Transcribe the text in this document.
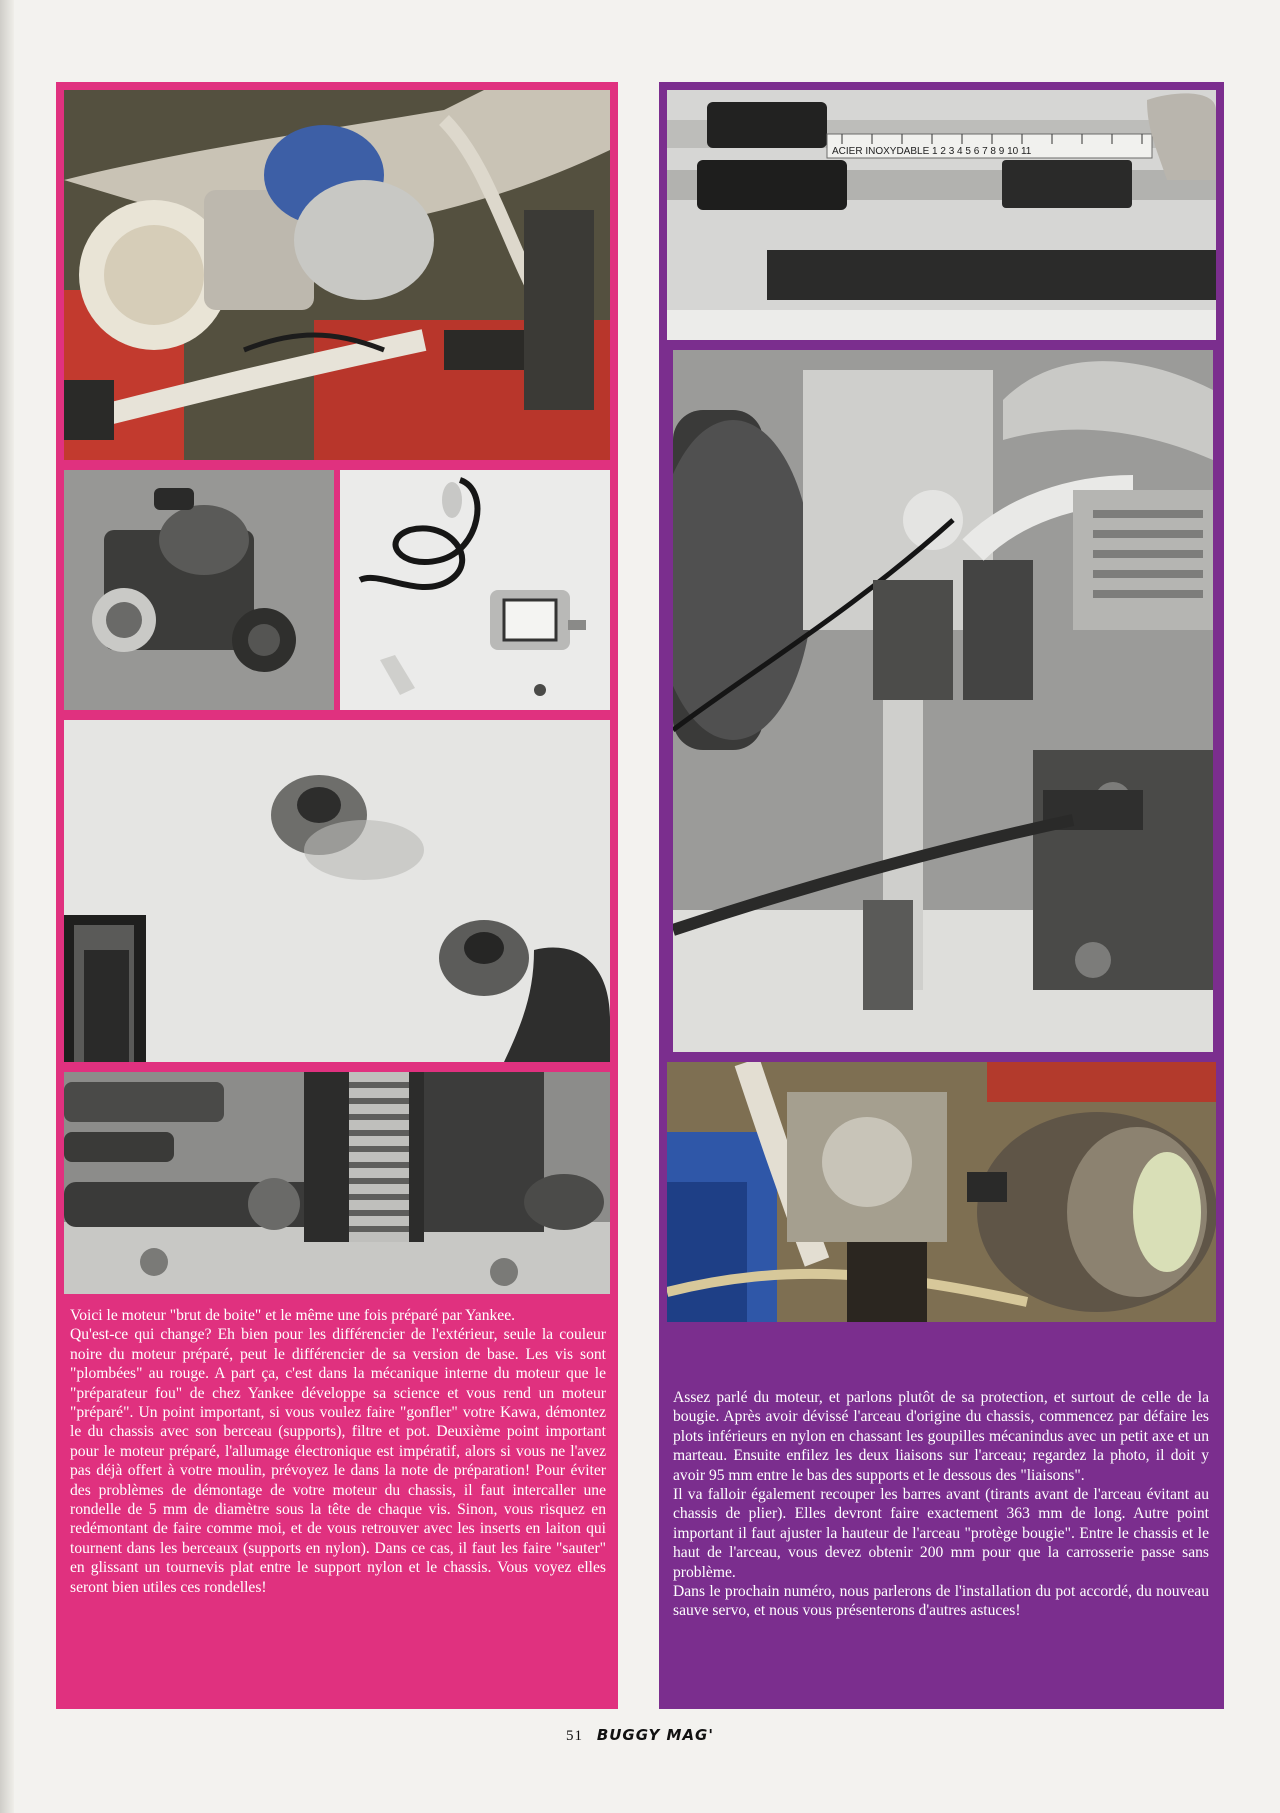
Voici le moteur "brut de boite" et le même une fois préparé par Yankee.

Qu'est-ce qui change? Eh bien pour les différencier de l'extérieur, seule la couleur noire du moteur préparé, peut le différencier de sa version de base. Les vis sont "plombées" au rouge. A part ça, c'est dans la mécanique interne du moteur que le "préparateur fou" de chez Yankee développe sa science et vous rend un moteur "préparé". Un point important, si vous voulez faire "gonfler" votre Kawa, démontez le du chassis avec son berceau (supports), filtre et pot. Deuxième point important pour le moteur préparé, l'allumage électronique est impératif, alors si vous ne l'avez pas déjà offert à votre moulin, prévoyez le dans la note de préparation! Pour éviter des problèmes de démontage de votre moteur du chassis, il faut intercaller une rondelle de 5 mm de diamètre sous la tête de chaque vis. Sinon, vous risquez en redémontant de faire comme moi, et de vous retrouver avec les inserts en laiton qui tournent dans les berceaux (supports en nylon). Dans ce cas, il faut les faire "sauter" en glissant un tournevis plat entre le support nylon et le chassis. Vous voyez elles seront bien utiles ces rondelles!

ACIER INOXYDABLE 1 2 3 4 5 6 7 8 9 10 11

Assez parlé du moteur, et parlons plutôt de sa protection, et surtout de celle de la bougie. Après avoir dévissé l'arceau d'origine du chassis, commencez par défaire les plots inférieurs en nylon en chassant les goupilles mécanindus avec un petit axe et un marteau. Ensuite enfilez les deux liaisons sur l'arceau; regardez la photo, il doit y avoir 95 mm entre le bas des supports et le dessous des "liaisons".

Il va falloir également recouper les barres avant (tirants avant de l'arceau évitant au chassis de plier). Elles devront faire exactement 363 mm de long. Autre point important il faut ajuster la hauteur de l'arceau "protège bougie". Entre le chassis et le haut de l'arceau, vous devez obtenir 200 mm pour que la carrosserie passe sans problème.

Dans le prochain numéro, nous parlerons de l'installation du pot accordé, du nouveau sauve servo, et nous vous présenterons d'autres astuces!

51 BUGGY MAG'
